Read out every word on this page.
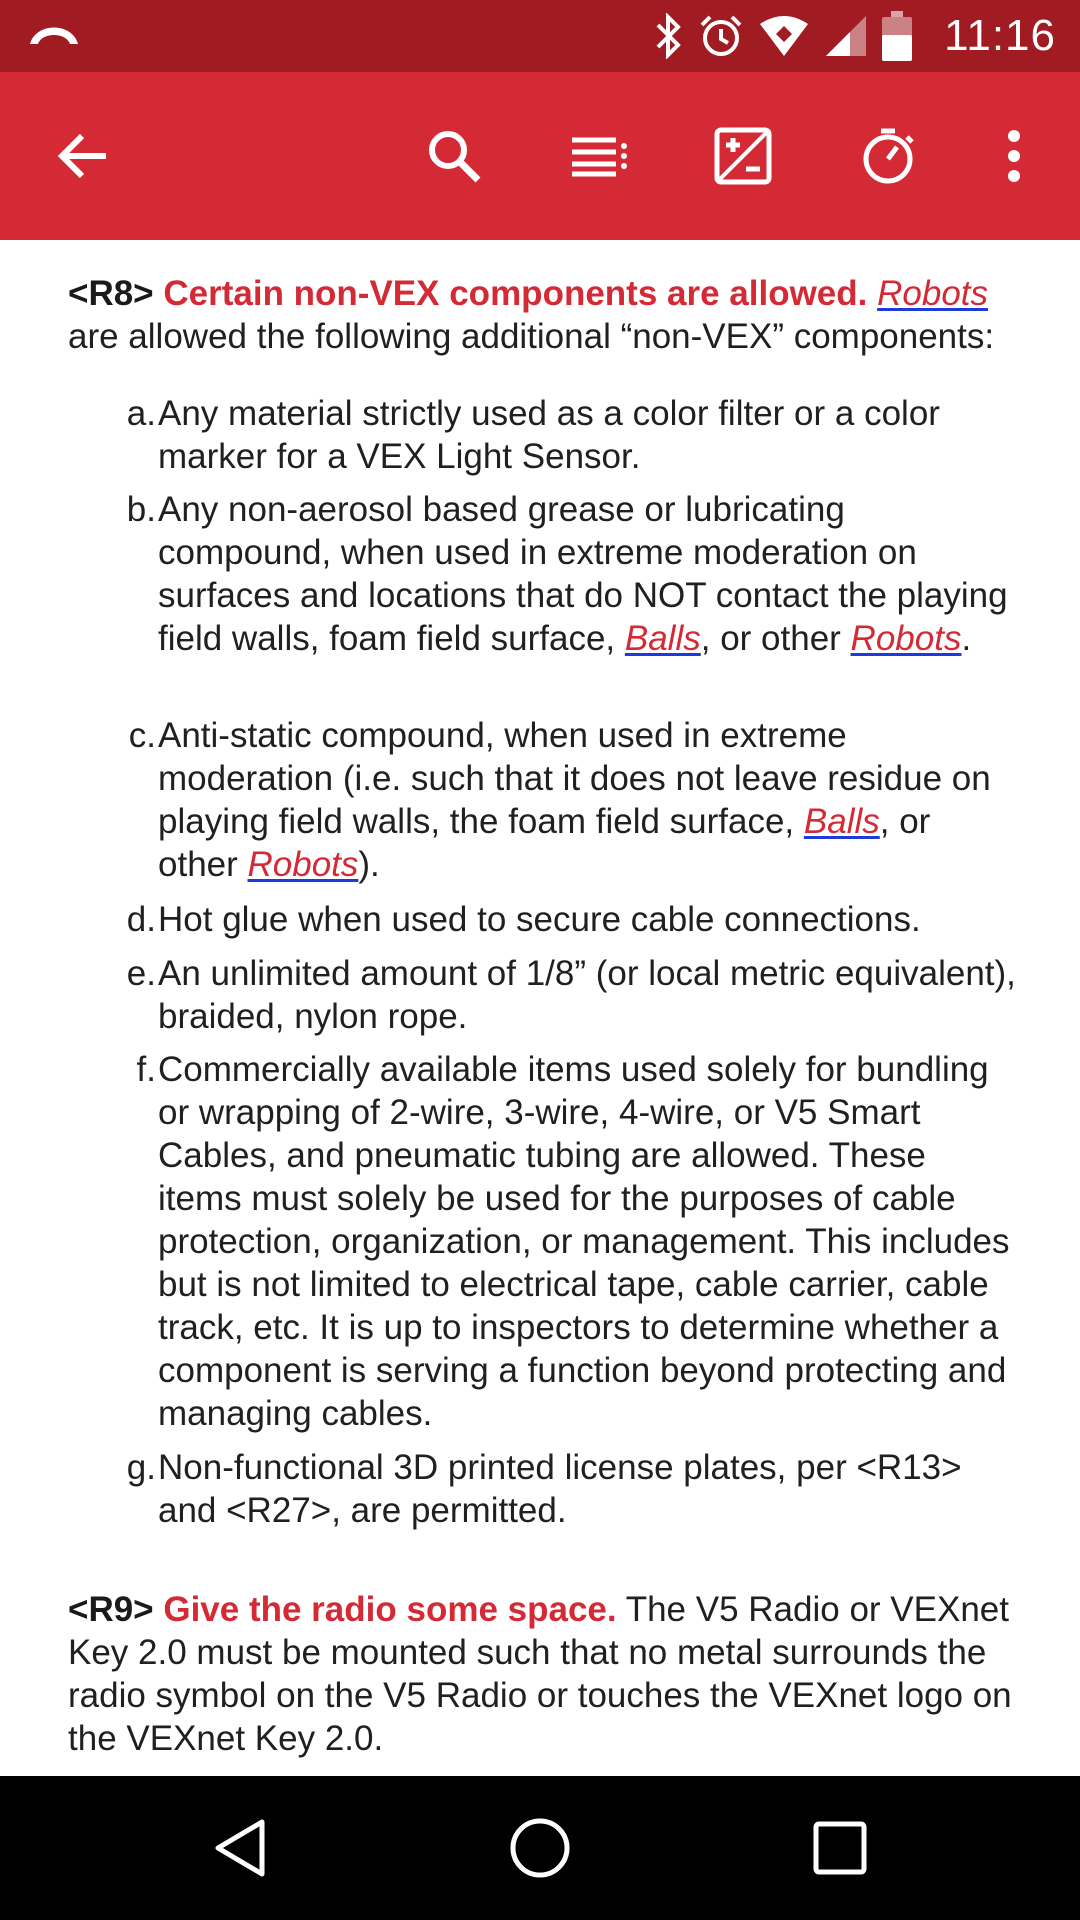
11:16
<R8> Certain non-VEX components are allowed. Robots are allowed the following additional “non-VEX” components:
a. Any material strictly used as a color filter or a color marker for a VEX Light Sensor.
b. Any non-aerosol based grease or lubricating compound, when used in extreme moderation on surfaces and locations that do NOT contact the playing field walls, foam field surface, Balls, or other Robots.
c. Anti-static compound, when used in extreme moderation (i.e. such that it does not leave residue on playing field walls, the foam field surface, Balls, or other Robots).
d. Hot glue when used to secure cable connections.
e. An unlimited amount of 1/8” (or local metric equivalent), braided, nylon rope.
f. Commercially available items used solely for bundling or wrapping of 2-wire, 3-wire, 4-wire, or V5 Smart Cables, and pneumatic tubing are allowed. These items must solely be used for the purposes of cable protection, organization, or management. This includes but is not limited to electrical tape, cable carrier, cable track, etc. It is up to inspectors to determine whether a component is serving a function beyond protecting and managing cables.
g. Non-functional 3D printed license plates, per <R13> and <R27>, are permitted.
<R9> Give the radio some space. The V5 Radio or VEXnet Key 2.0 must be mounted such that no metal surrounds the radio symbol on the V5 Radio or touches the VEXnet logo on the VEXnet Key 2.0.
